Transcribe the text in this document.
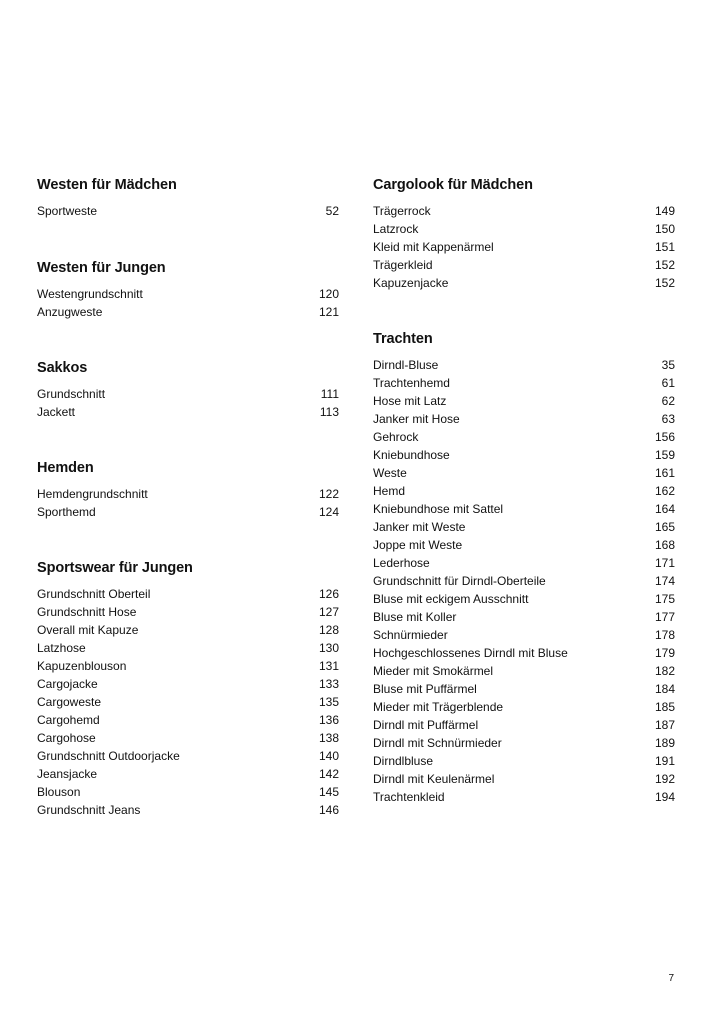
Westen für Mädchen
Sportweste	52
Westen für Jungen
Westengrundschnitt	120
Anzugweste	121
Sakkos
Grundschnitt	111
Jackett	113
Hemden
Hemdengrundschnitt	122
Sporthemd	124
Sportswear für Jungen
Grundschnitt Oberteil	126
Grundschnitt Hose	127
Overall mit Kapuze	128
Latzhose	130
Kapuzenblouson	131
Cargojacke	133
Cargoweste	135
Cargohemd	136
Cargohose	138
Grundschnitt Outdoorjacke	140
Jeansjacke	142
Blouson	145
Grundschnitt Jeans	146
Cargolook für Mädchen
Trägerrock	149
Latzrock	150
Kleid mit Kappenärmel	151
Trägerkleid	152
Kapuzenjacke	152
Trachten
Dirndl-Bluse	35
Trachtenhemd	61
Hose mit Latz	62
Janker mit Hose	63
Gehrock	156
Kniebundhose	159
Weste	161
Hemd	162
Kniebundhose mit Sattel	164
Janker mit Weste	165
Joppe mit Weste	168
Lederhose	171
Grundschnitt für Dirndl-Oberteile	174
Bluse mit eckigem Ausschnitt	175
Bluse mit Koller	177
Schnürmieder	178
Hochgeschlossenes Dirndl mit Bluse	179
Mieder mit Smokärmel	182
Bluse mit Puffärmel	184
Mieder mit Trägerblende	185
Dirndl mit Puffärmel	187
Dirndl mit Schnürmieder	189
Dirndlbluse	191
Dirndl mit Keulenärmel	192
Trachtenkleid	194
7
